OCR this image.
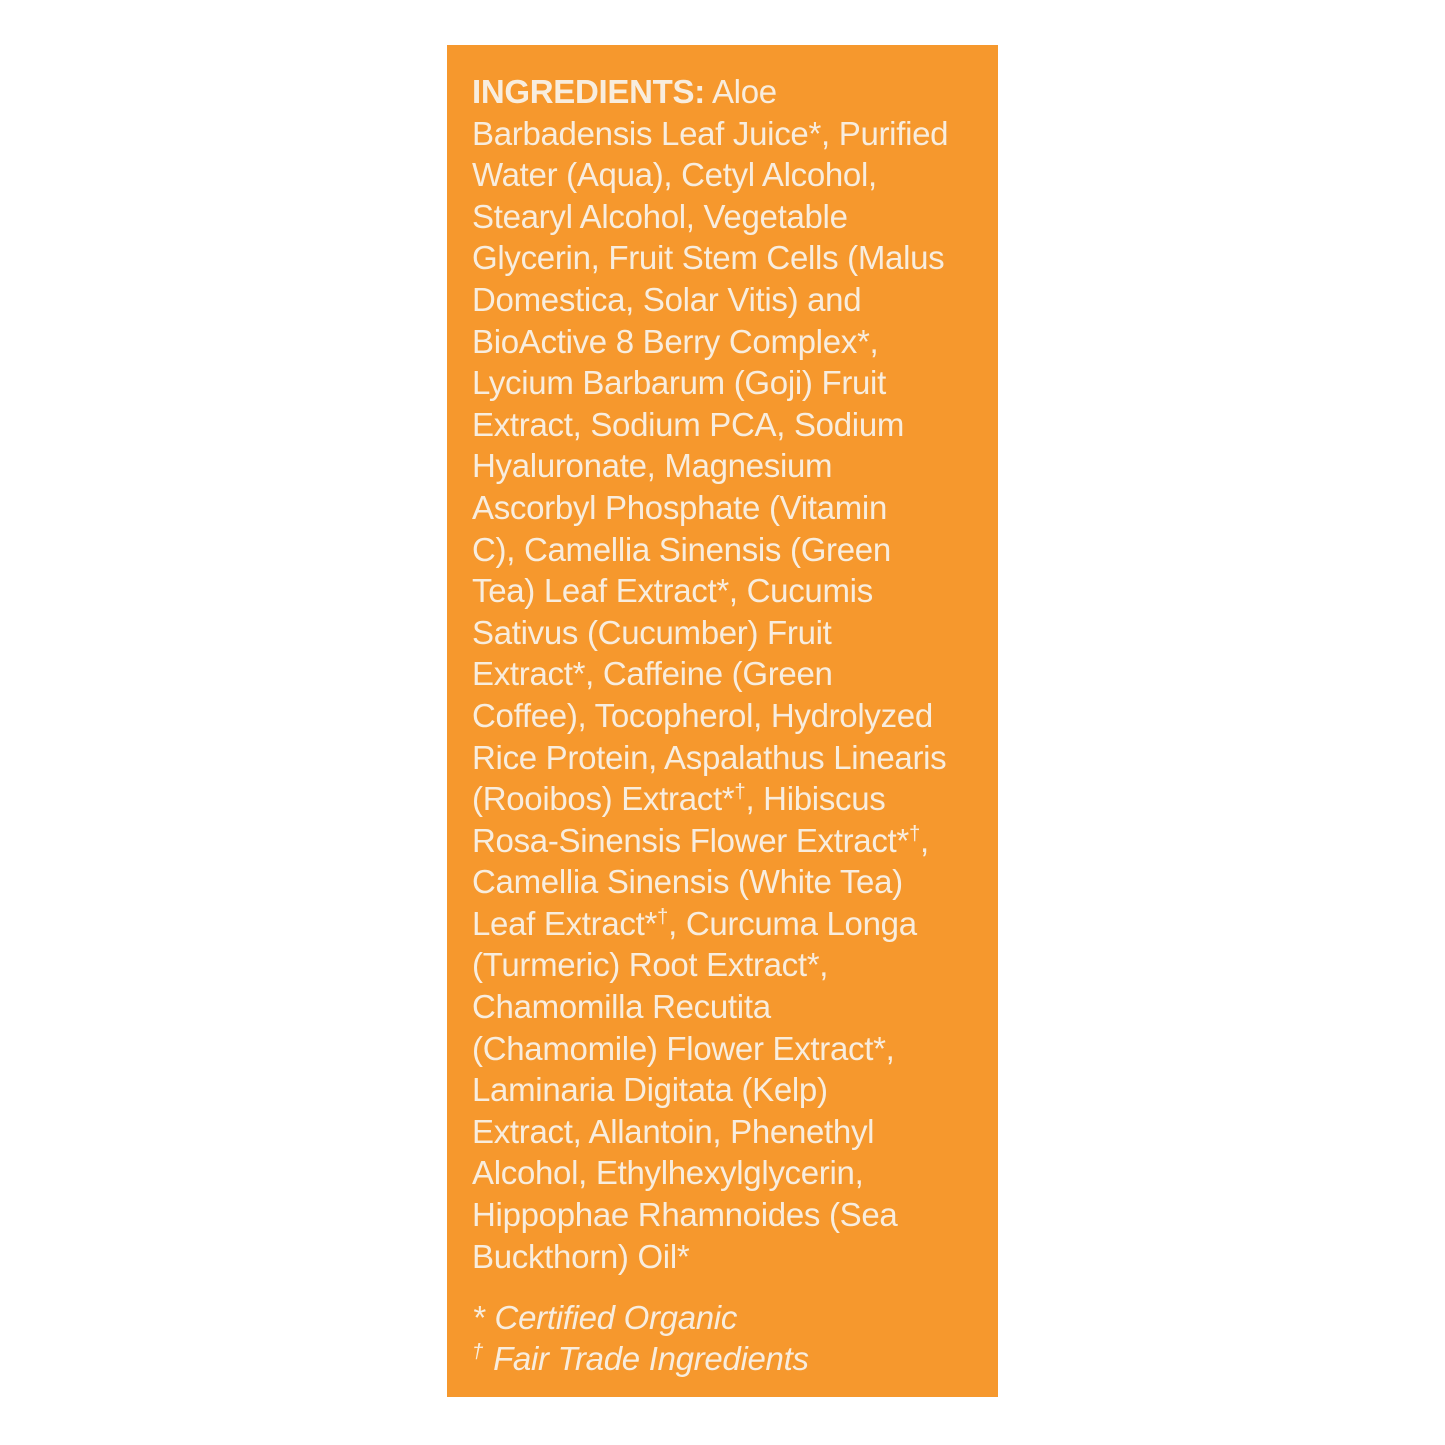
INGREDIENTS: Aloe
Barbadensis Leaf Juice*, Purified
Water (Aqua), Cetyl Alcohol,
Stearyl Alcohol, Vegetable
Glycerin, Fruit Stem Cells (Malus
Domestica, Solar Vitis) and
BioActive 8 Berry Complex*,
Lycium Barbarum (Goji) Fruit
Extract, Sodium PCA, Sodium
Hyaluronate, Magnesium
Ascorbyl Phosphate (Vitamin
C), Camellia Sinensis (Green
Tea) Leaf Extract*, Cucumis
Sativus (Cucumber) Fruit
Extract*, Caffeine (Green
Coffee), Tocopherol, Hydrolyzed
Rice Protein, Aspalathus Linearis
(Rooibos) Extract*†, Hibiscus
Rosa-Sinensis Flower Extract*†,
Camellia Sinensis (White Tea)
Leaf Extract*†, Curcuma Longa
(Turmeric) Root Extract*,
Chamomilla Recutita
(Chamomile) Flower Extract*,
Laminaria Digitata (Kelp)
Extract, Allantoin, Phenethyl
Alcohol, Ethylhexylglycerin,
Hippophae Rhamnoides (Sea
Buckthorn) Oil*
* Certified Organic
† Fair Trade Ingredients
